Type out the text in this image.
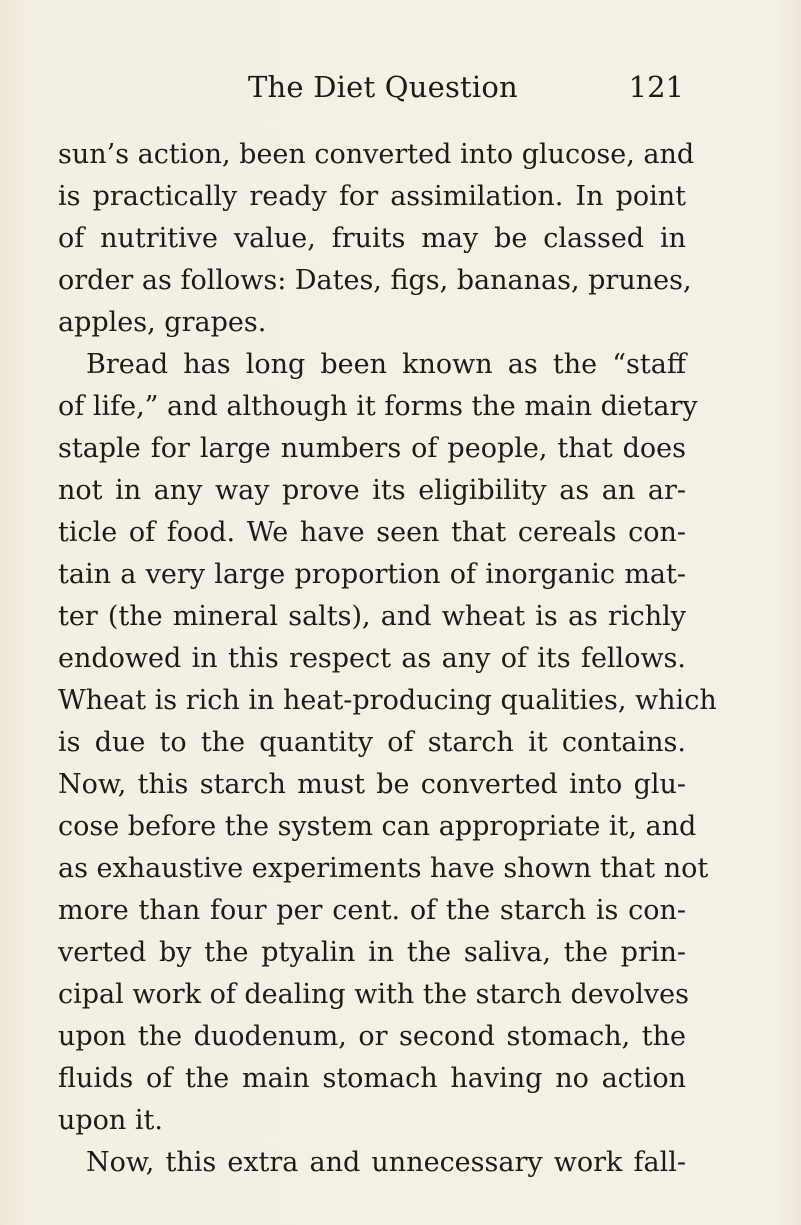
The Diet Question	121
sun’s action, been converted into glucose, and
is practically ready for assimilation. In point
of nutritive value, fruits may be classed in
order as follows: Dates, figs, bananas, prunes,
apples, grapes.
Bread has long been known as the “staff
of life,” and although it forms the main dietary
staple for large numbers of people, that does
not in any way prove its eligibility as an ar-
ticle of food. We have seen that cereals con-
tain a very large proportion of inorganic mat-
ter (the mineral salts), and wheat is as richly
endowed in this respect as any of its fellows.
Wheat is rich in heat-producing qualities, which
is due to the quantity of starch it contains.
Now, this starch must be converted into glu-
cose before the system can appropriate it, and
as exhaustive experiments have shown that not
more than four per cent. of the starch is con-
verted by the ptyalin in the saliva, the prin-
cipal work of dealing with the starch devolves
upon the duodenum, or second stomach, the
fluids of the main stomach having no action
upon it.
Now, this extra and unnecessary work fall-
